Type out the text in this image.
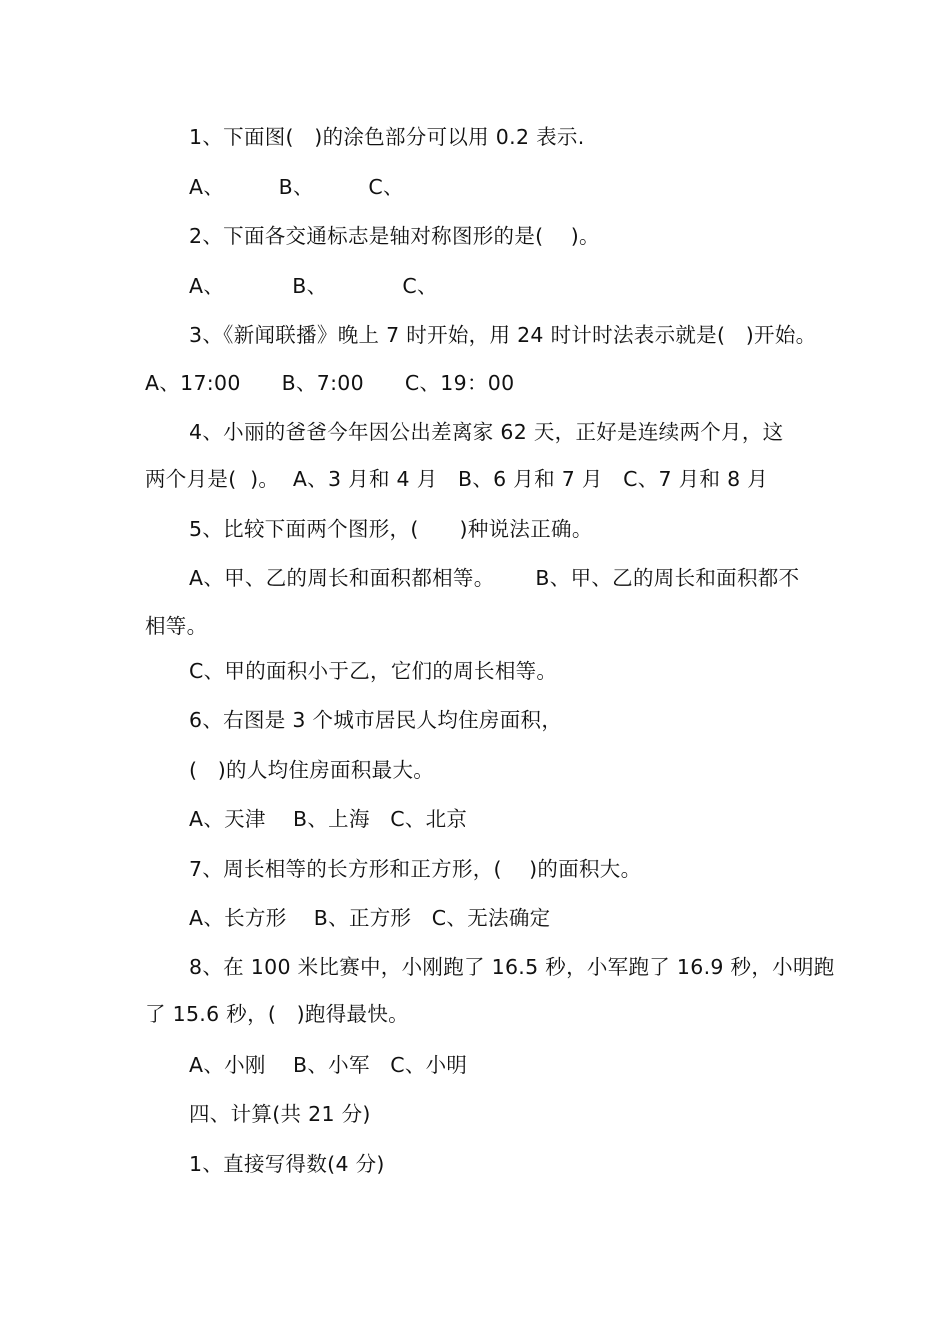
1、下面图(   )的涂色部分可以用 0.2 表示.
A、        B、        C、
2、下面各交通标志是轴对称图形的是(    )。
A、          B、           C、
3、《新闻联播》晚上 7 时开始，用 24 时计时法表示就是(   )开始。
A、17:00      B、7:00      C、19：00
4、小丽的爸爸今年因公出差离家 62 天，正好是连续两个月，这
两个月是(  )。  A、3 月和 4 月   B、6 月和 7 月   C、7 月和 8 月
5、比较下面两个图形，(      )种说法正确。
A、甲、乙的周长和面积都相等。      B、甲、乙的周长和面积都不
相等。
C、甲的面积小于乙，它们的周长相等。
6、右图是 3 个城市居民人均住房面积，
(   )的人均住房面积最大。
A、天津    B、上海   C、北京
7、周长相等的长方形和正方形，(    )的面积大。
A、长方形    B、正方形   C、无法确定
8、在 100 米比赛中，小刚跑了 16.5 秒，小军跑了 16.9 秒，小明跑
了 15.6 秒，(   )跑得最快。
A、小刚    B、小军   C、小明
四、计算(共 21 分)
1、直接写得数(4 分)
